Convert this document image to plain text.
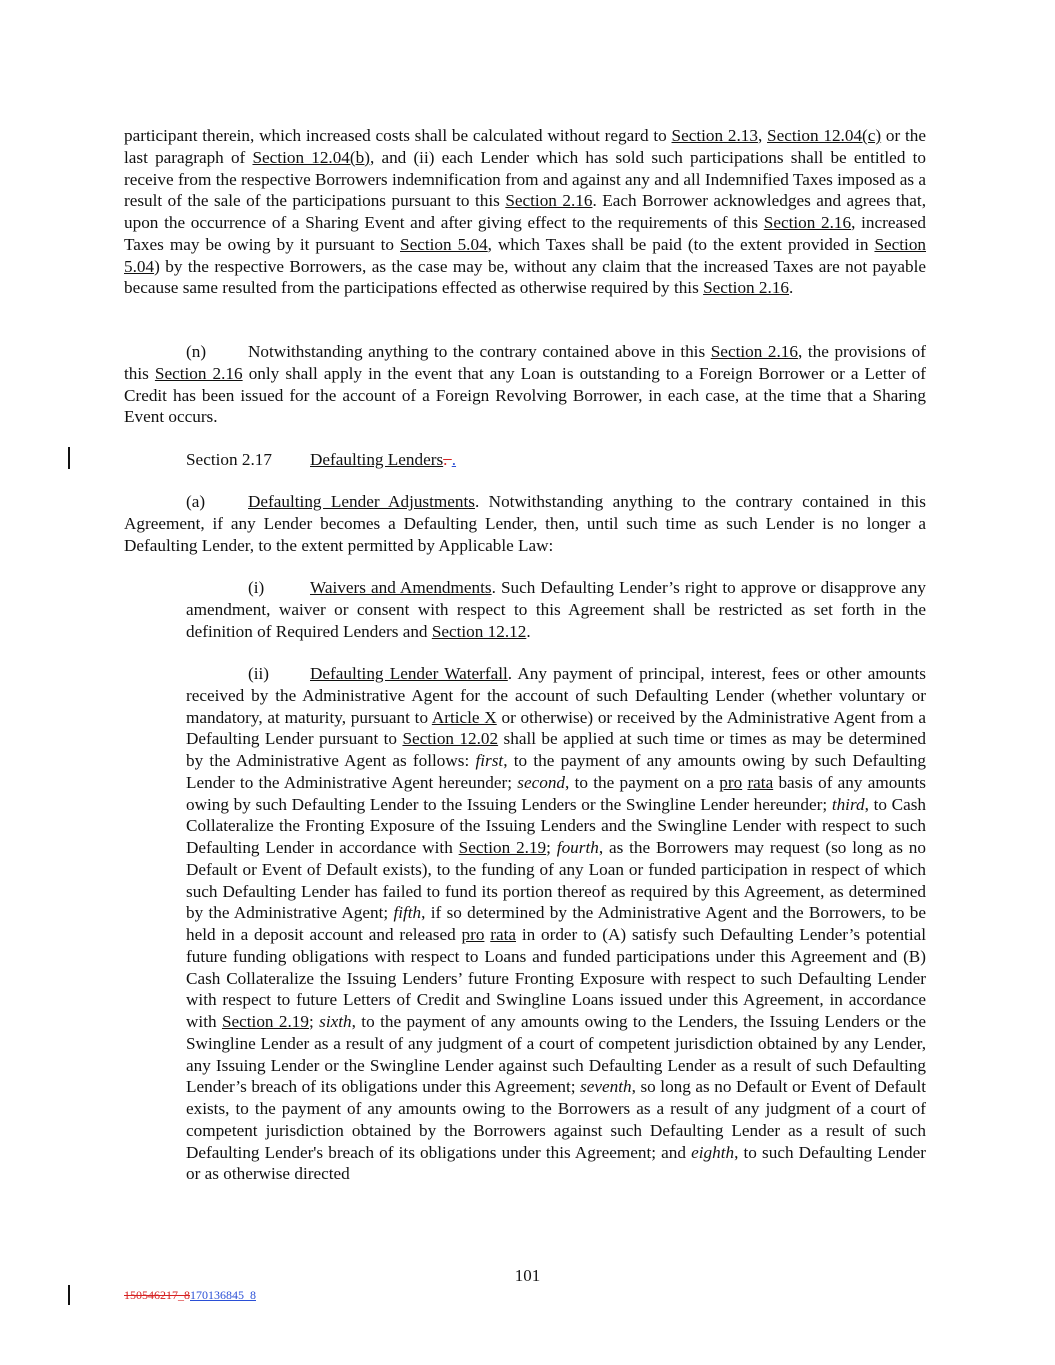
participant therein, which increased costs shall be calculated without regard to Section 2.13, Section 12.04(c) or the last paragraph of Section 12.04(b), and (ii) each Lender which has sold such participations shall be entitled to receive from the respective Borrowers indemnification from and against any and all Indemnified Taxes imposed as a result of the sale of the participations pursuant to this Section 2.16. Each Borrower acknowledges and agrees that, upon the occurrence of a Sharing Event and after giving effect to the requirements of this Section 2.16, increased Taxes may be owing by it pursuant to Section 5.04, which Taxes shall be paid (to the extent provided in Section 5.04) by the respective Borrowers, as the case may be, without any claim that the increased Taxes are not payable because same resulted from the participations effected as otherwise required by this Section 2.16.
(n) Notwithstanding anything to the contrary contained above in this Section 2.16, the provisions of this Section 2.16 only shall apply in the event that any Loan is outstanding to a Foreign Borrower or a Letter of Credit has been issued for the account of a Foreign Revolving Borrower, in each case, at the time that a Sharing Event occurs.
Section 2.17 Defaulting Lenders. .
(a) Defaulting Lender Adjustments. Notwithstanding anything to the contrary contained in this Agreement, if any Lender becomes a Defaulting Lender, then, until such time as such Lender is no longer a Defaulting Lender, to the extent permitted by Applicable Law:
(i)	Waivers and Amendments. Such Defaulting Lender’s right to approve or disapprove any amendment, waiver or consent with respect to this Agreement shall be restricted as set forth in the definition of Required Lenders and Section 12.12.
(ii) Defaulting Lender Waterfall. Any payment of principal, interest, fees or other amounts received by the Administrative Agent for the account of such Defaulting Lender (whether voluntary or mandatory, at maturity, pursuant to Article X or otherwise) or received by the Administrative Agent from a Defaulting Lender pursuant to Section 12.02 shall be applied at such time or times as may be determined by the Administrative Agent as follows: first, to the payment of any amounts owing by such Defaulting Lender to the Administrative Agent hereunder; second, to the payment on a pro rata basis of any amounts owing by such Defaulting Lender to the Issuing Lenders or the Swingline Lender hereunder; third, to Cash Collateralize the Fronting Exposure of the Issuing Lenders and the Swingline Lender with respect to such Defaulting Lender in accordance with Section 2.19; fourth, as the Borrowers may request (so long as no Default or Event of Default exists), to the funding of any Loan or funded participation in respect of which such Defaulting Lender has failed to fund its portion thereof as required by this Agreement, as determined by the Administrative Agent; fifth, if so determined by the Administrative Agent and the Borrowers, to be held in a deposit account and released pro rata in order to (A) satisfy such Defaulting Lender’s potential future funding obligations with respect to Loans and funded participations under this Agreement and (B) Cash Collateralize the Issuing Lenders’ future Fronting Exposure with respect to such Defaulting Lender with respect to future Letters of Credit and Swingline Loans issued under this Agreement, in accordance with Section 2.19; sixth, to the payment of any amounts owing to the Lenders, the Issuing Lenders or the Swingline Lender as a result of any judgment of a court of competent jurisdiction obtained by any Lender, any Issuing Lender or the Swingline Lender against such Defaulting Lender as a result of such Defaulting Lender’s breach of its obligations under this Agreement; seventh, so long as no Default or Event of Default exists, to the payment of any amounts owing to the Borrowers as a result of any judgment of a court of competent jurisdiction obtained by the Borrowers against such Defaulting Lender as a result of such Defaulting Lender's breach of its obligations under this Agreement; and eighth, to such Defaulting Lender or as otherwise directed
101
150546217_8170136845_8
